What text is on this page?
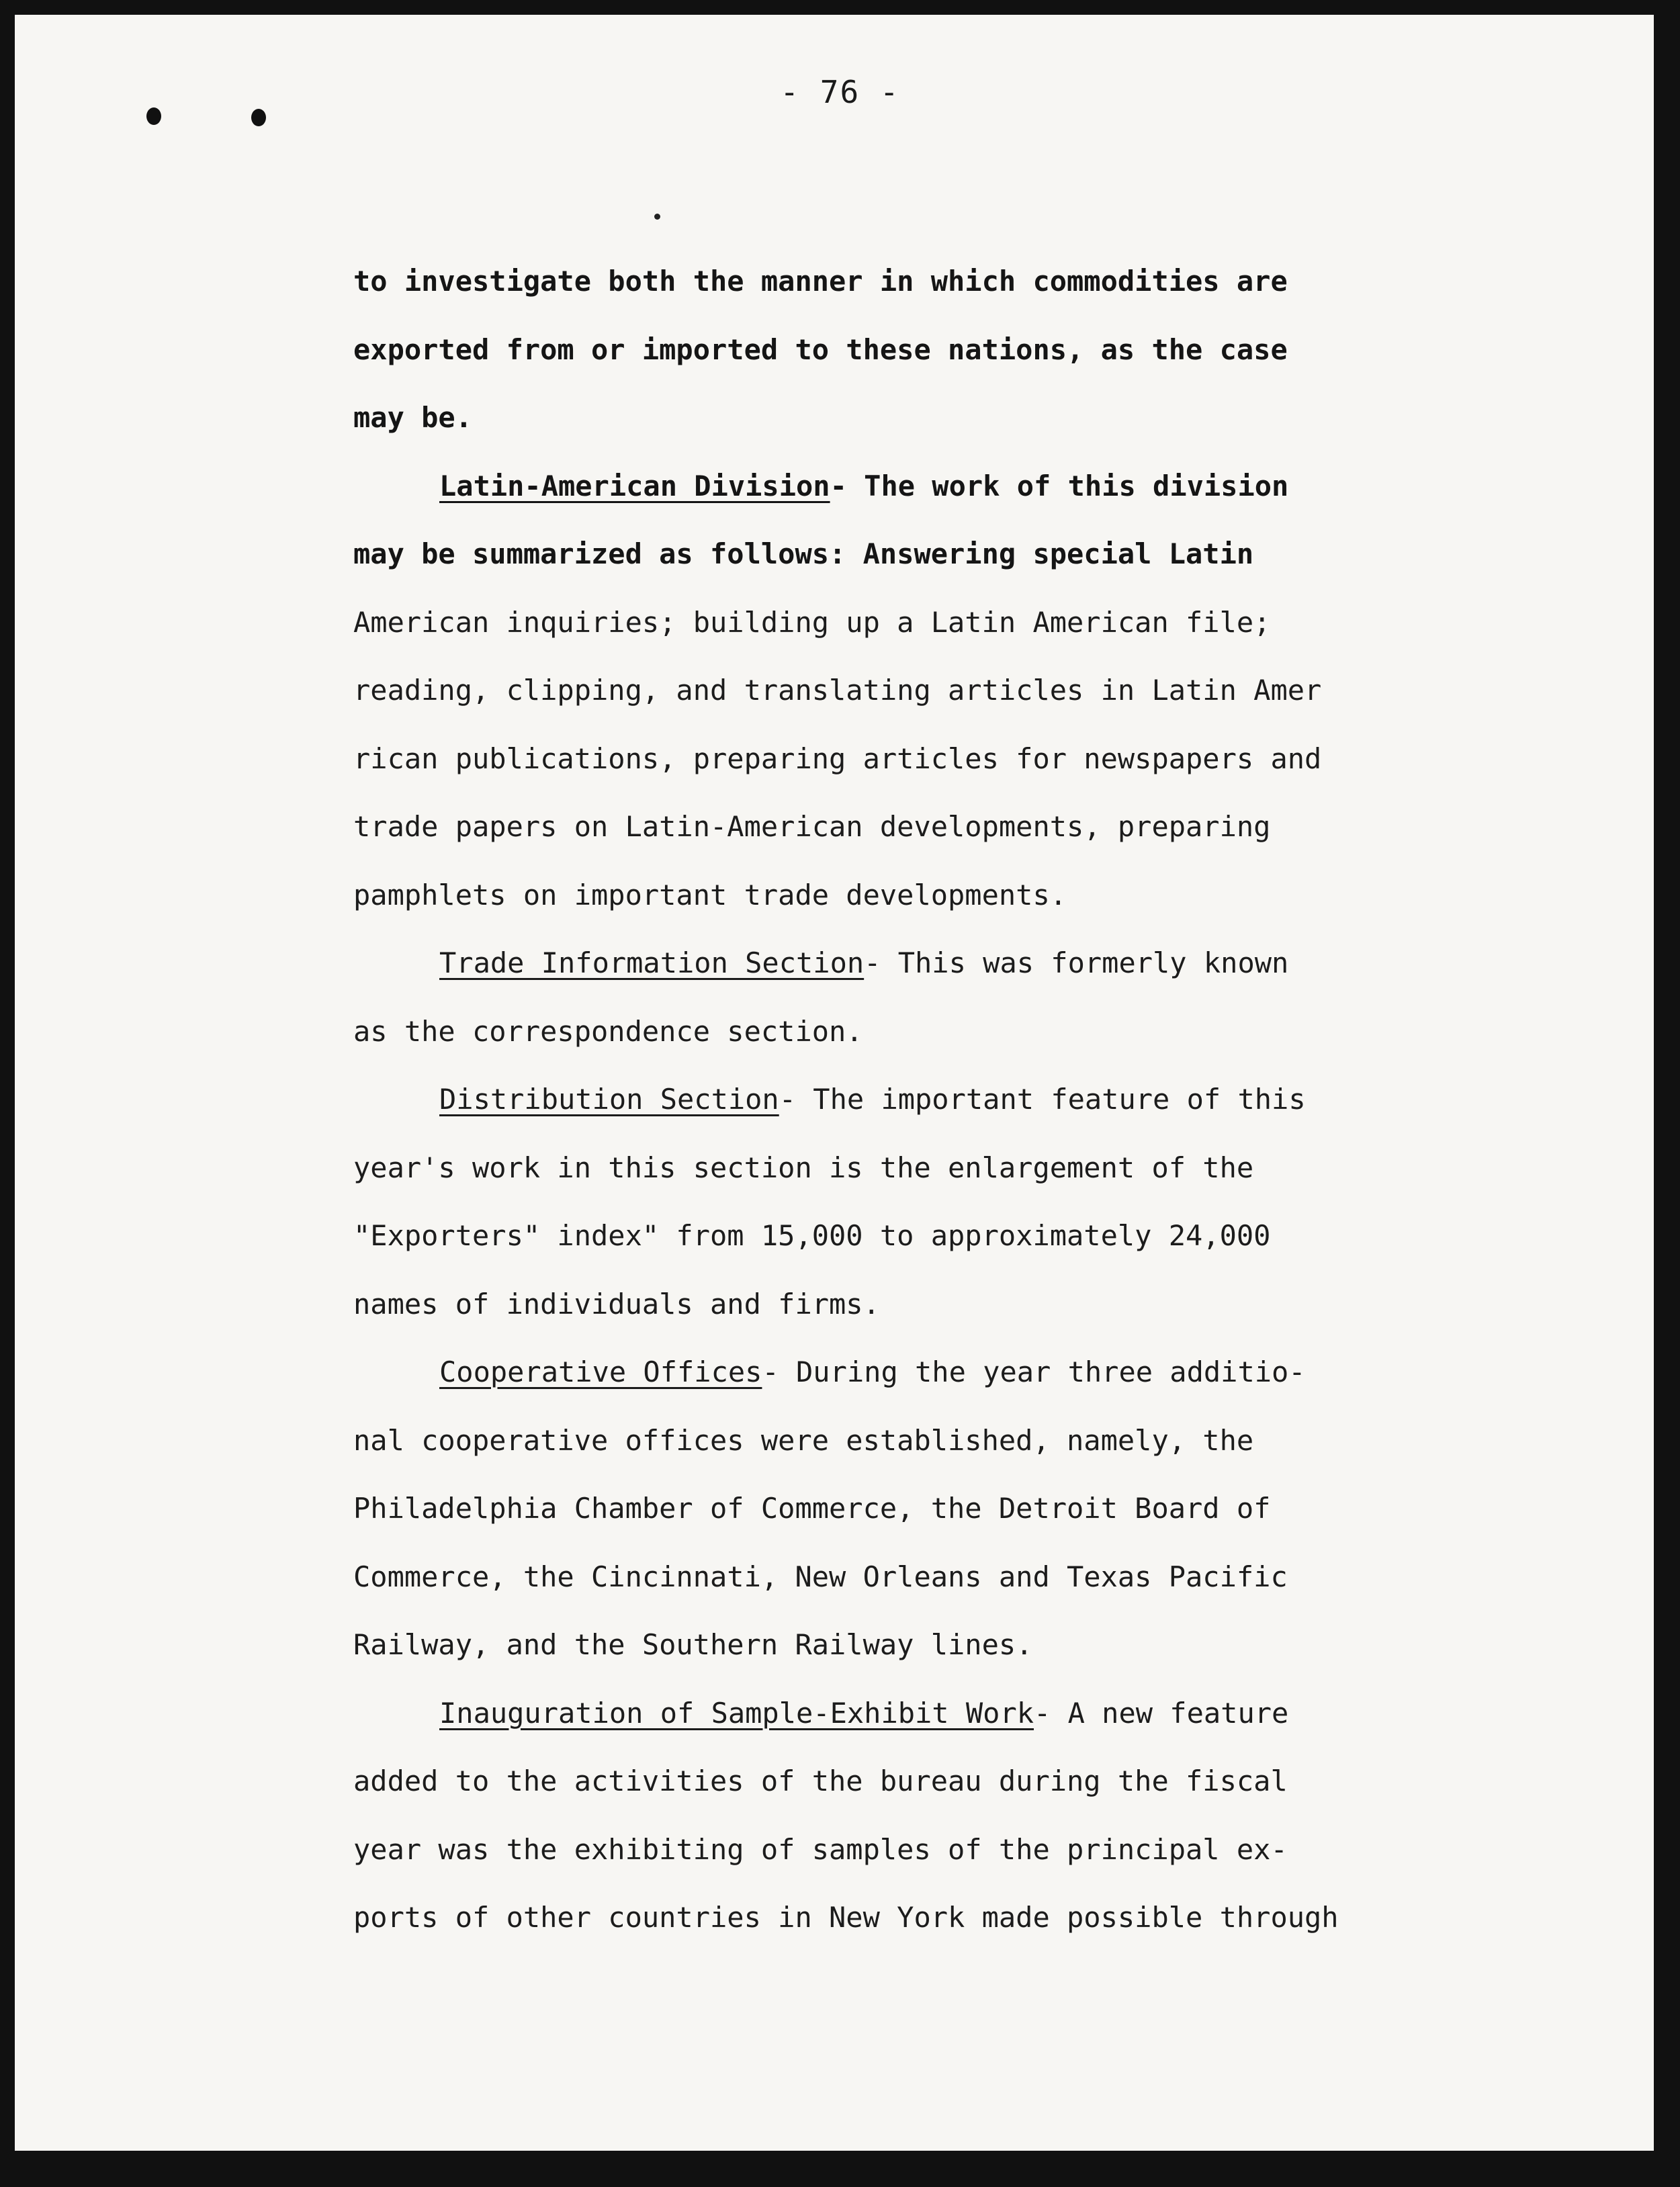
- 76 -

to investigate both the manner in which commodities are

exported from or imported to these nations, as the case

may be.

Latin-American Division- The work of this division

may be summarized as follows: Answering special Latin

American inquiries; building up a Latin American file;

reading, clipping, and translating articles in Latin Amer

rican publications, preparing articles for newspapers and

trade papers on Latin-American developments, preparing

pamphlets on important trade developments.

Trade Information Section- This was formerly known

as the correspondence section.

Distribution Section- The important feature of this

year's work in this section is the enlargement of the

"Exporters" index" from 15,000 to approximately 24,000

names of individuals and firms.

Cooperative Offices- During the year three additio-

nal cooperative offices were established, namely, the

Philadelphia Chamber of Commerce, the Detroit Board of

Commerce, the Cincinnati, New Orleans and Texas Pacific

Railway, and the Southern Railway lines.

Inauguration of Sample-Exhibit Work- A new feature

added to the activities of the bureau during the fiscal

year was the exhibiting of samples of the principal ex-

ports of other countries in New York made possible through
